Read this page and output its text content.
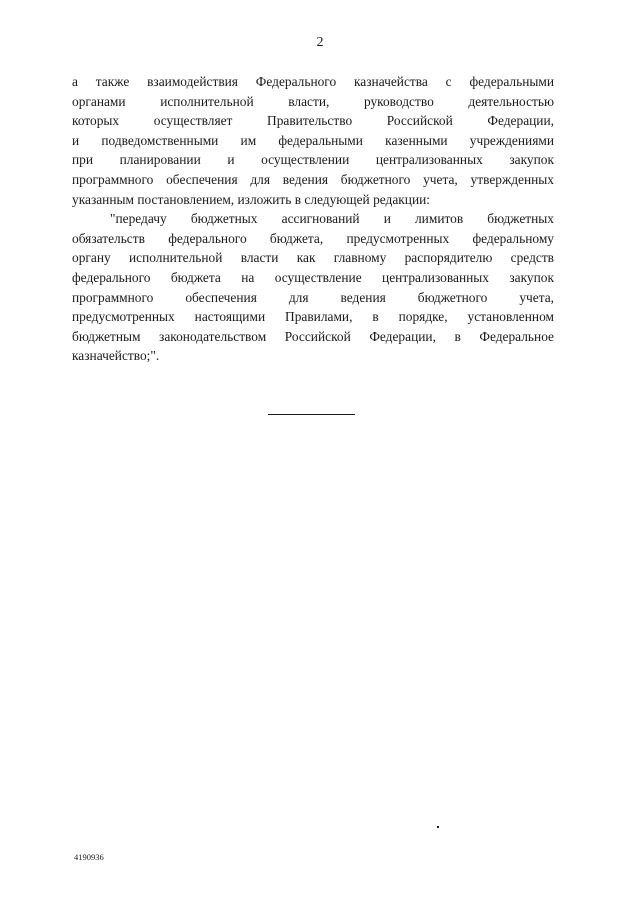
2
а также взаимодействия Федерального казначейства с федеральными
органами исполнительной власти, руководство деятельностью
которых осуществляет Правительство Российской Федерации,
и подведомственными им федеральными казенными учреждениями
при планировании и осуществлении централизованных закупок
программного обеспечения для ведения бюджетного учета, утвержденных
указанным постановлением, изложить в следующей редакции:
"передачу бюджетных ассигнований и лимитов бюджетных
обязательств федерального бюджета, предусмотренных федеральному
органу исполнительной власти как главному распорядителю средств
федерального бюджета на осуществление централизованных закупок
программного обеспечения для ведения бюджетного учета,
предусмотренных настоящими Правилами, в порядке, установленном
бюджетным законодательством Российской Федерации, в Федеральное
казначейство;".
4190936
